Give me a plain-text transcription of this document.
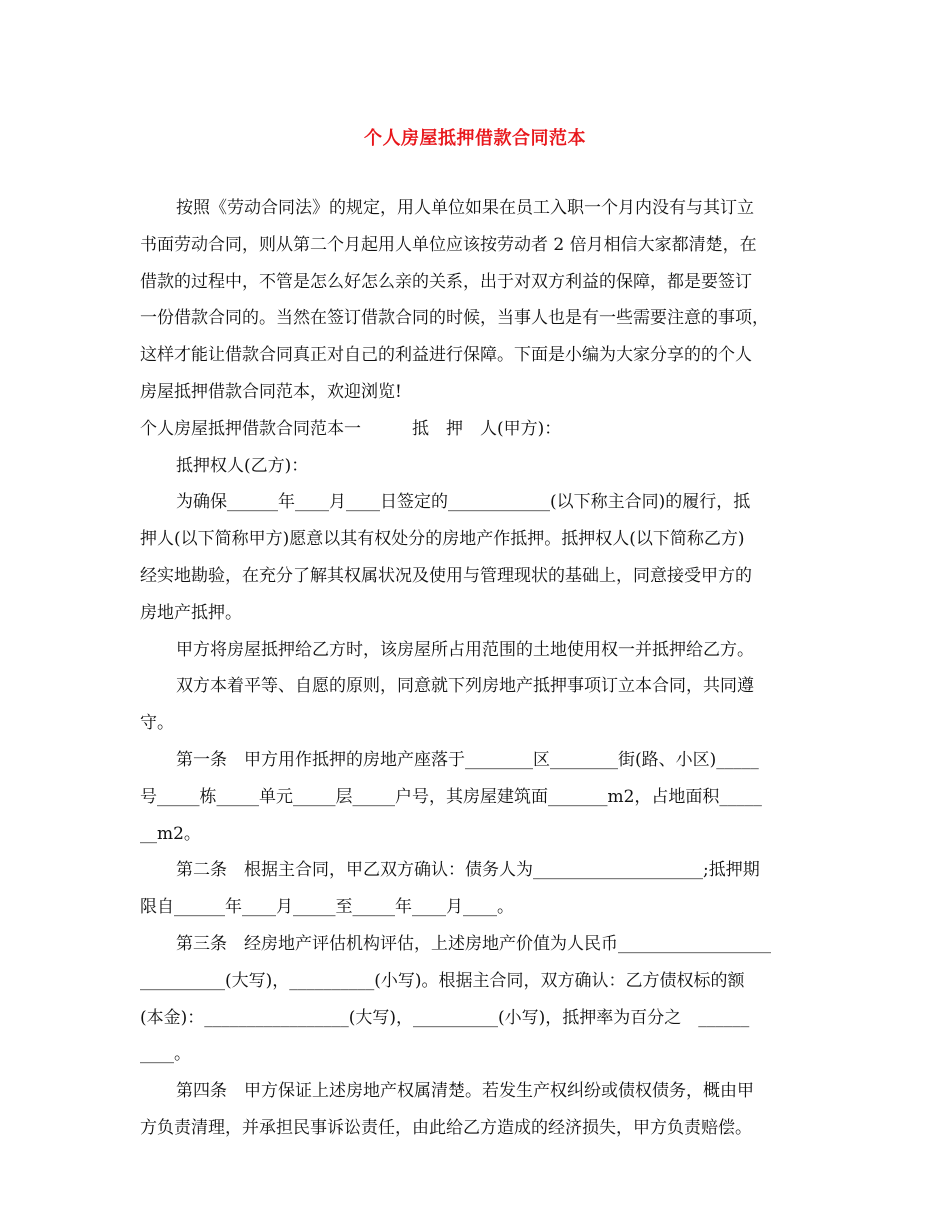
个人房屋抵押借款合同范本
按照《劳动合同法》的规定，用人单位如果在员工入职一个月内没有与其订立
书面劳动合同，则从第二个月起用人单位应该按劳动者 2 倍月相信大家都清楚，在
借款的过程中，不管是怎么好怎么亲的关系，出于对双方利益的保障，都是要签订
一份借款合同的。当然在签订借款合同的时候，当事人也是有一些需要注意的事项，
这样才能让借款合同真正对自己的利益进行保障。下面是小编为大家分享的的个人
房屋抵押借款合同范本，欢迎浏览!
个人房屋抵押借款合同范本一　　　抵　押　人(甲方)：
抵押权人(乙方)：
为确保______年____月____日签定的____________(以下称主合同)的履行，抵
押人(以下简称甲方)愿意以其有权处分的房地产作抵押。抵押权人(以下简称乙方)
经实地勘验，在充分了解其权属状况及使用与管理现状的基础上，同意接受甲方的
房地产抵押。
甲方将房屋抵押给乙方时，该房屋所占用范围的土地使用权一并抵押给乙方。
双方本着平等、自愿的原则，同意就下列房地产抵押事项订立本合同，共同遵
守。
第一条　甲方用作抵押的房地产座落于________区________街(路、小区)_____
号_____栋_____单元_____层_____户号，其房屋建筑面_______m2，占地面积_____
__m2。
第二条　根据主合同，甲乙双方确认：债务人为____________________;抵押期
限自______年____月_____至_____年____月____。
第三条　经房地产评估机构评估，上述房地产价值为人民币__________________
__________(大写)，__________(小写)。根据主合同，双方确认：乙方债权标的额
(本金)：_________________(大写)，__________(小写)，抵押率为百分之　______
____。
第四条　甲方保证上述房地产权属清楚。若发生产权纠纷或债权债务，概由甲
方负责清理，并承担民事诉讼责任，由此给乙方造成的经济损失，甲方负责赔偿。
